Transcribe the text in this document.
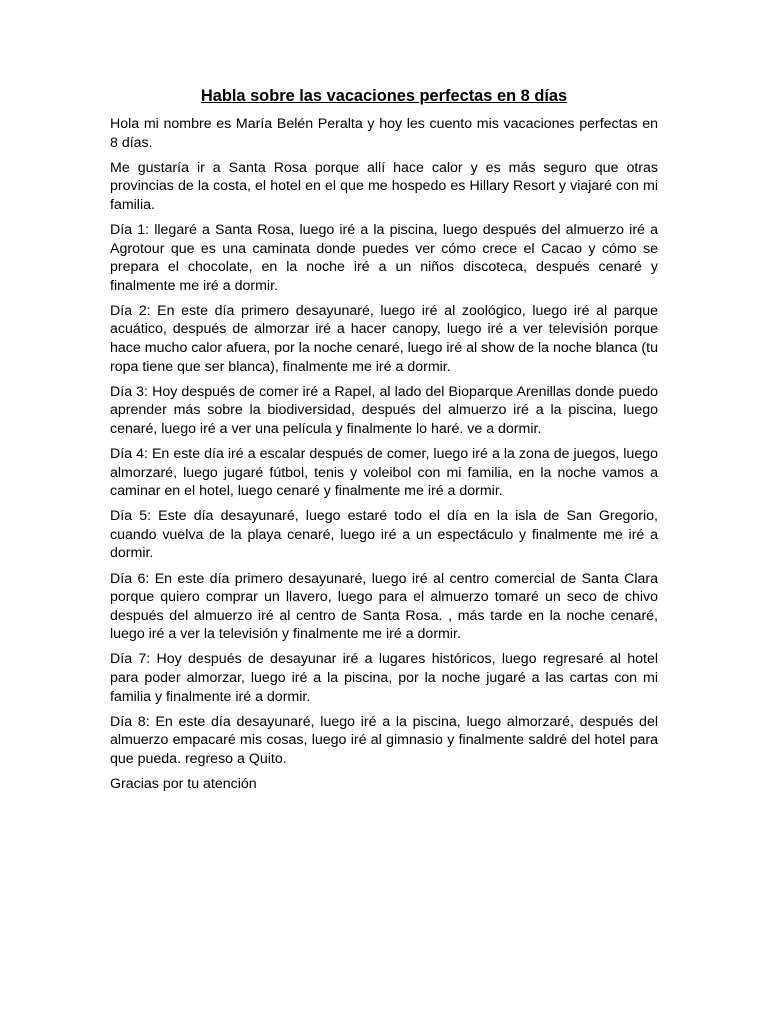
Habla sobre las vacaciones perfectas en 8 días

Hola mi nombre es María Belén Peralta y hoy les cuento mis vacaciones perfectas en 8 días.

Me gustaría ir a Santa Rosa porque allí hace calor y es más seguro que otras provincias de la costa, el hotel en el que me hospedo es Hillary Resort y viajaré con mi familia.

Día 1: llegaré a Santa Rosa, luego iré a la piscina, luego después del almuerzo iré a Agrotour que es una caminata donde puedes ver cómo crece el Cacao y cómo se prepara el chocolate, en la noche iré a un niños discoteca, después cenaré y finalmente me iré a dormir.

Día 2: En este día primero desayunaré, luego iré al zoológico, luego iré al parque acuático, después de almorzar iré a hacer canopy, luego iré a ver televisión porque hace mucho calor afuera, por la noche cenaré, luego iré al show de la noche blanca (tu ropa tiene que ser blanca), finalmente me iré a dormir.

Día 3: Hoy después de comer iré a Rapel, al lado del Bioparque Arenillas donde puedo aprender más sobre la biodiversidad, después del almuerzo iré a la piscina, luego cenaré, luego iré a ver una película y finalmente lo haré. ve a dormir.

Día 4: En este día iré a escalar después de comer, luego iré a la zona de juegos, luego almorzaré, luego jugaré fútbol, tenis y voleibol con mi familia, en la noche vamos a caminar en el hotel, luego cenaré y finalmente me iré a dormir.

Día 5: Este día desayunaré, luego estaré todo el día en la isla de San Gregorio, cuando vuelva de la playa cenaré, luego iré a un espectáculo y finalmente me iré a dormir.

Día 6: En este día primero desayunaré, luego iré al centro comercial de Santa Clara porque quiero comprar un llavero, luego para el almuerzo tomaré un seco de chivo después del almuerzo iré al centro de Santa Rosa. , más tarde en la noche cenaré, luego iré a ver la televisión y finalmente me iré a dormir.

Día 7: Hoy después de desayunar iré a lugares históricos, luego regresaré al hotel para poder almorzar, luego iré a la piscina, por la noche jugaré a las cartas con mi familia y finalmente iré a dormir.

Día 8: En este día desayunaré, luego iré a la piscina, luego almorzaré, después del almuerzo empacaré mis cosas, luego iré al gimnasio y finalmente saldré del hotel para que pueda. regreso a Quito.

Gracias por tu atención
